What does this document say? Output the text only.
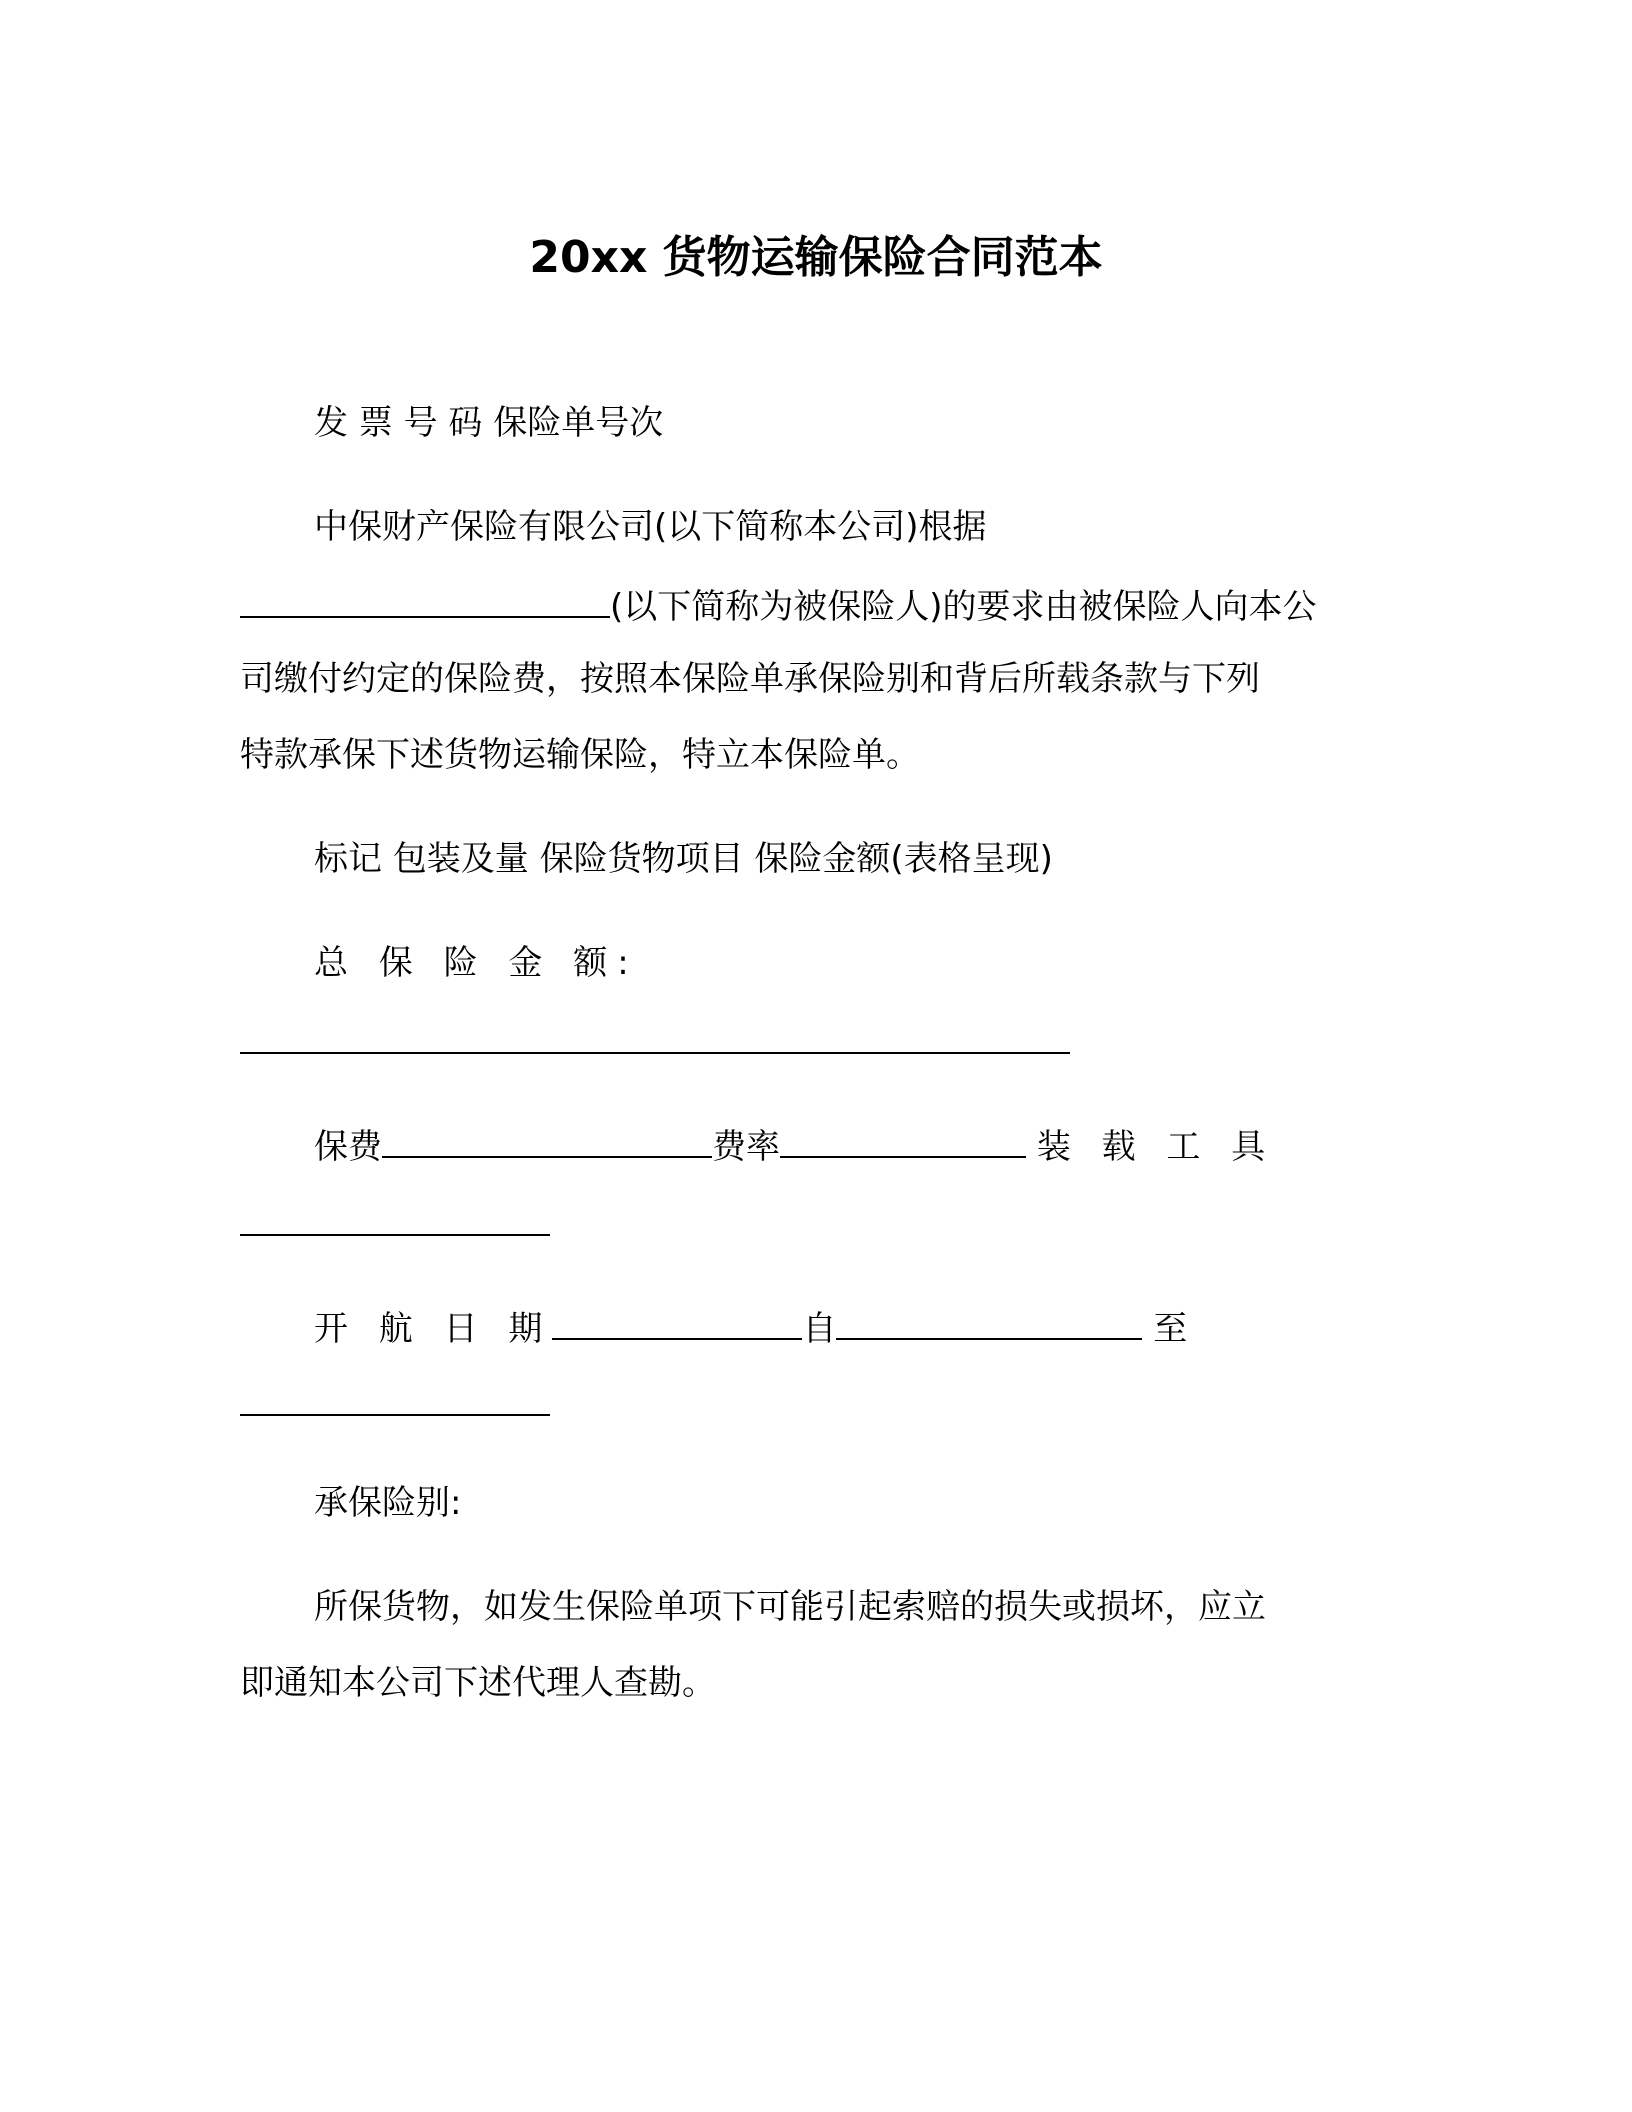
20xx 货物运输保险合同范本
发 票 号 码 保险单号次
中保财产保险有限公司(以下简称本公司)根据
(以下简称为被保险人)的要求由被保险人向本公
司缴付约定的保险费，按照本保险单承保险别和背后所载条款与下列
特款承保下述货物运输保险，特立本保险单。
标记 包装及量 保险货物项目 保险金额(表格呈现)
总 保 险 金 额:
保费	费率	装 载 工 具
开 航 日 期	自	至
承保险别:
所保货物，如发生保险单项下可能引起索赔的损失或损坏，应立
即通知本公司下述代理人查勘。
